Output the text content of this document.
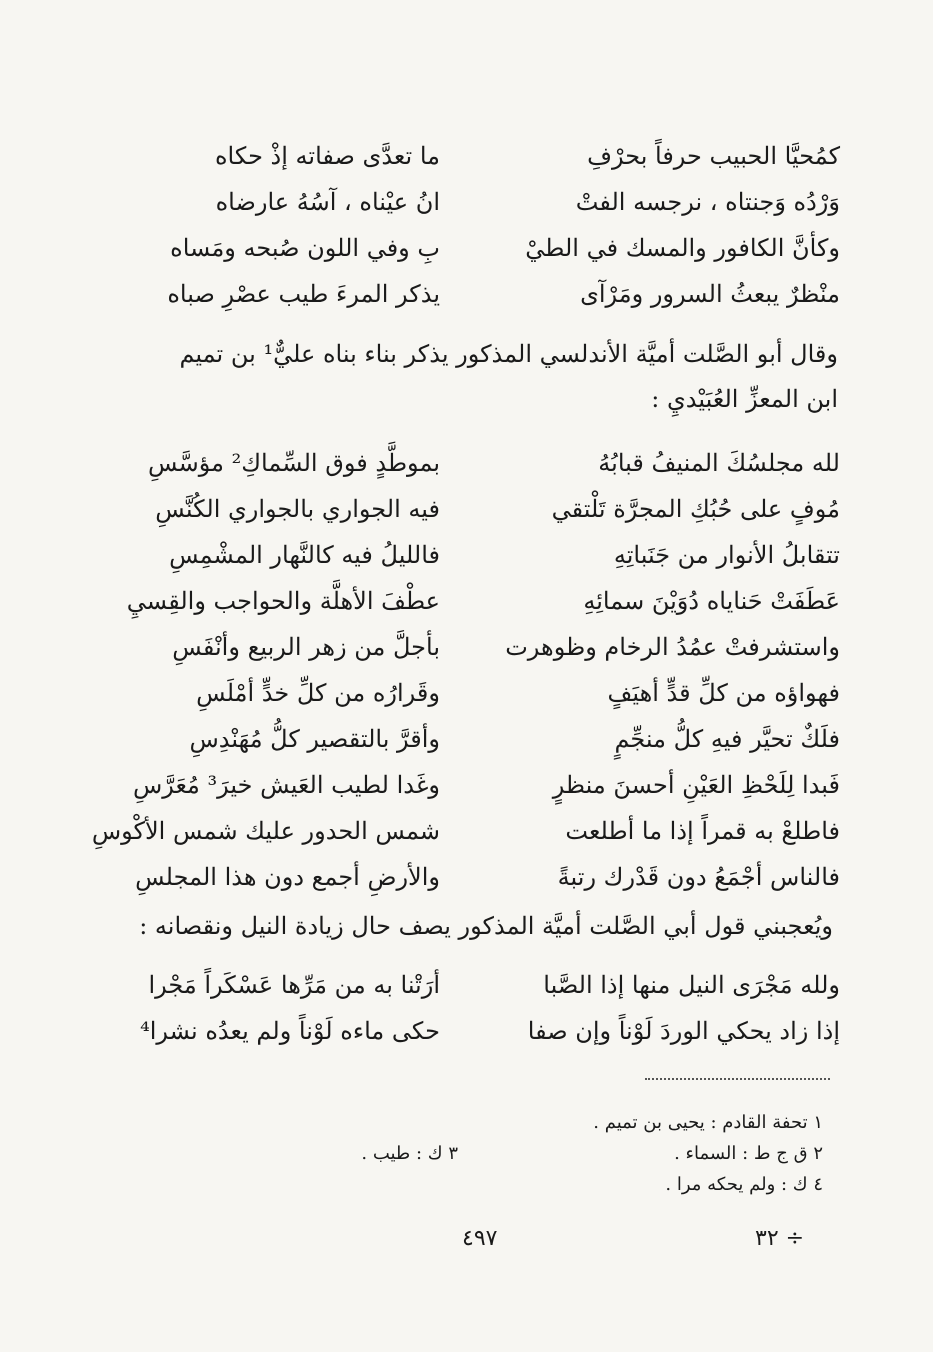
كمُحيَّا الحبيب حرفاً بحرْفِ
ما تعدَّى صفاته إذْ حكاه
وَرْدُه وَجنتاه ، نرجسه الفتْ
انُ عيْناه ، آسُهُ عارضاه
وكأنَّ الكافور والمسك في الطيْ
بِ وفي اللون صُبحه ومَساه
منْظرٌ يبعثُ السرور ومَرْآى
يذكر المرءَ طيب عصْرِ صباه
وقال أبو الصَّلت أميَّة الأندلسي المذكور يذكر بناء بناه عليٌّ¹ بن تميم
ابن المعزِّ العُبَيْديِ :
لله مجلسُكَ المنيفُ قبابُهُ
بموطَّدٍ فوق السِّماكِ² مؤسَّسِ
مُوفٍ على حُبُكِ المجرَّة تَلْتقي
فيه الجواري بالجواري الكُنَّسِ
تتقابلُ الأنوار من جَنَباتِهِ
فالليلُ فيه كالنَّهار المشْمِسِ
عَطَفَتْ حَناياه دُوَيْنَ سمائِهِ
عطْفَ الأهلَّة والحواجب والقِسيِ
واستشرفتْ عمُدُ الرخام وظوهرت
بأجلَّ من زهر الربيع وأنْفَسِ
فهواؤه من كلِّ قدٍّ أهيَفٍ
وقَرارُه من كلِّ خدٍّ أمْلَسِ
فلَكٌ تحيَّر فيهِ كلُّ منجِّمٍ
وأقرَّ بالتقصير كلُّ مُهَنْدِسِ
فَبدا لِلَحْظِ العَيْنِ أحسنَ منظرٍ
وغَدا لطيب العَيش خيرَ³ مُعَرَّسِ
فاطلعْ به قمراً إذا ما أطلعت
شمس الحدور عليك شمس الأكْوسِ
فالناس أجْمَعُ دون قَدْرك رتبةً
والأرضِ أجمع دون هذا المجلسِ
ويُعجبني قول أبي الصَّلت أميَّة المذكور يصف حال زيادة النيل ونقصانه :
ولله مَجْرَى النيل منها إذا الصَّبا
أرَتْنا به من مَرِّها عَسْكَراً مَجْرا
إذا زاد يحكي الوردَ لَوْناً وإن صفا
حكى ماءه لَوْناً ولم يعدُه نشرا⁴
١ تحفة القادم : يحيى بن تميم .
٢ ق ج ط : السماء .
٣ ك : طيب .
٤ ك : ولم يحكه مرا .
٤٩٧	٣٢ ÷
